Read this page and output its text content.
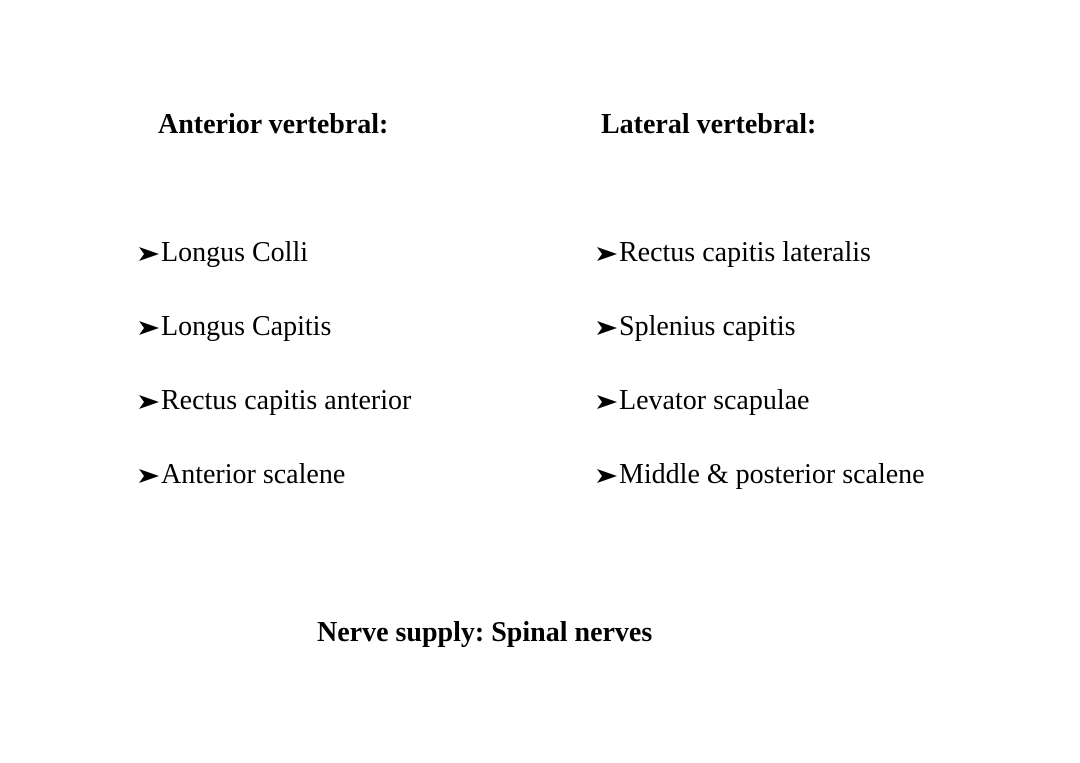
Anterior vertebral:	Lateral vertebral:
Longus Colli
Longus Capitis
Rectus capitis anterior
Anterior scalene
Rectus capitis lateralis
Splenius capitis
Levator scapulae
Middle & posterior scalene
Nerve supply: Spinal nerves
